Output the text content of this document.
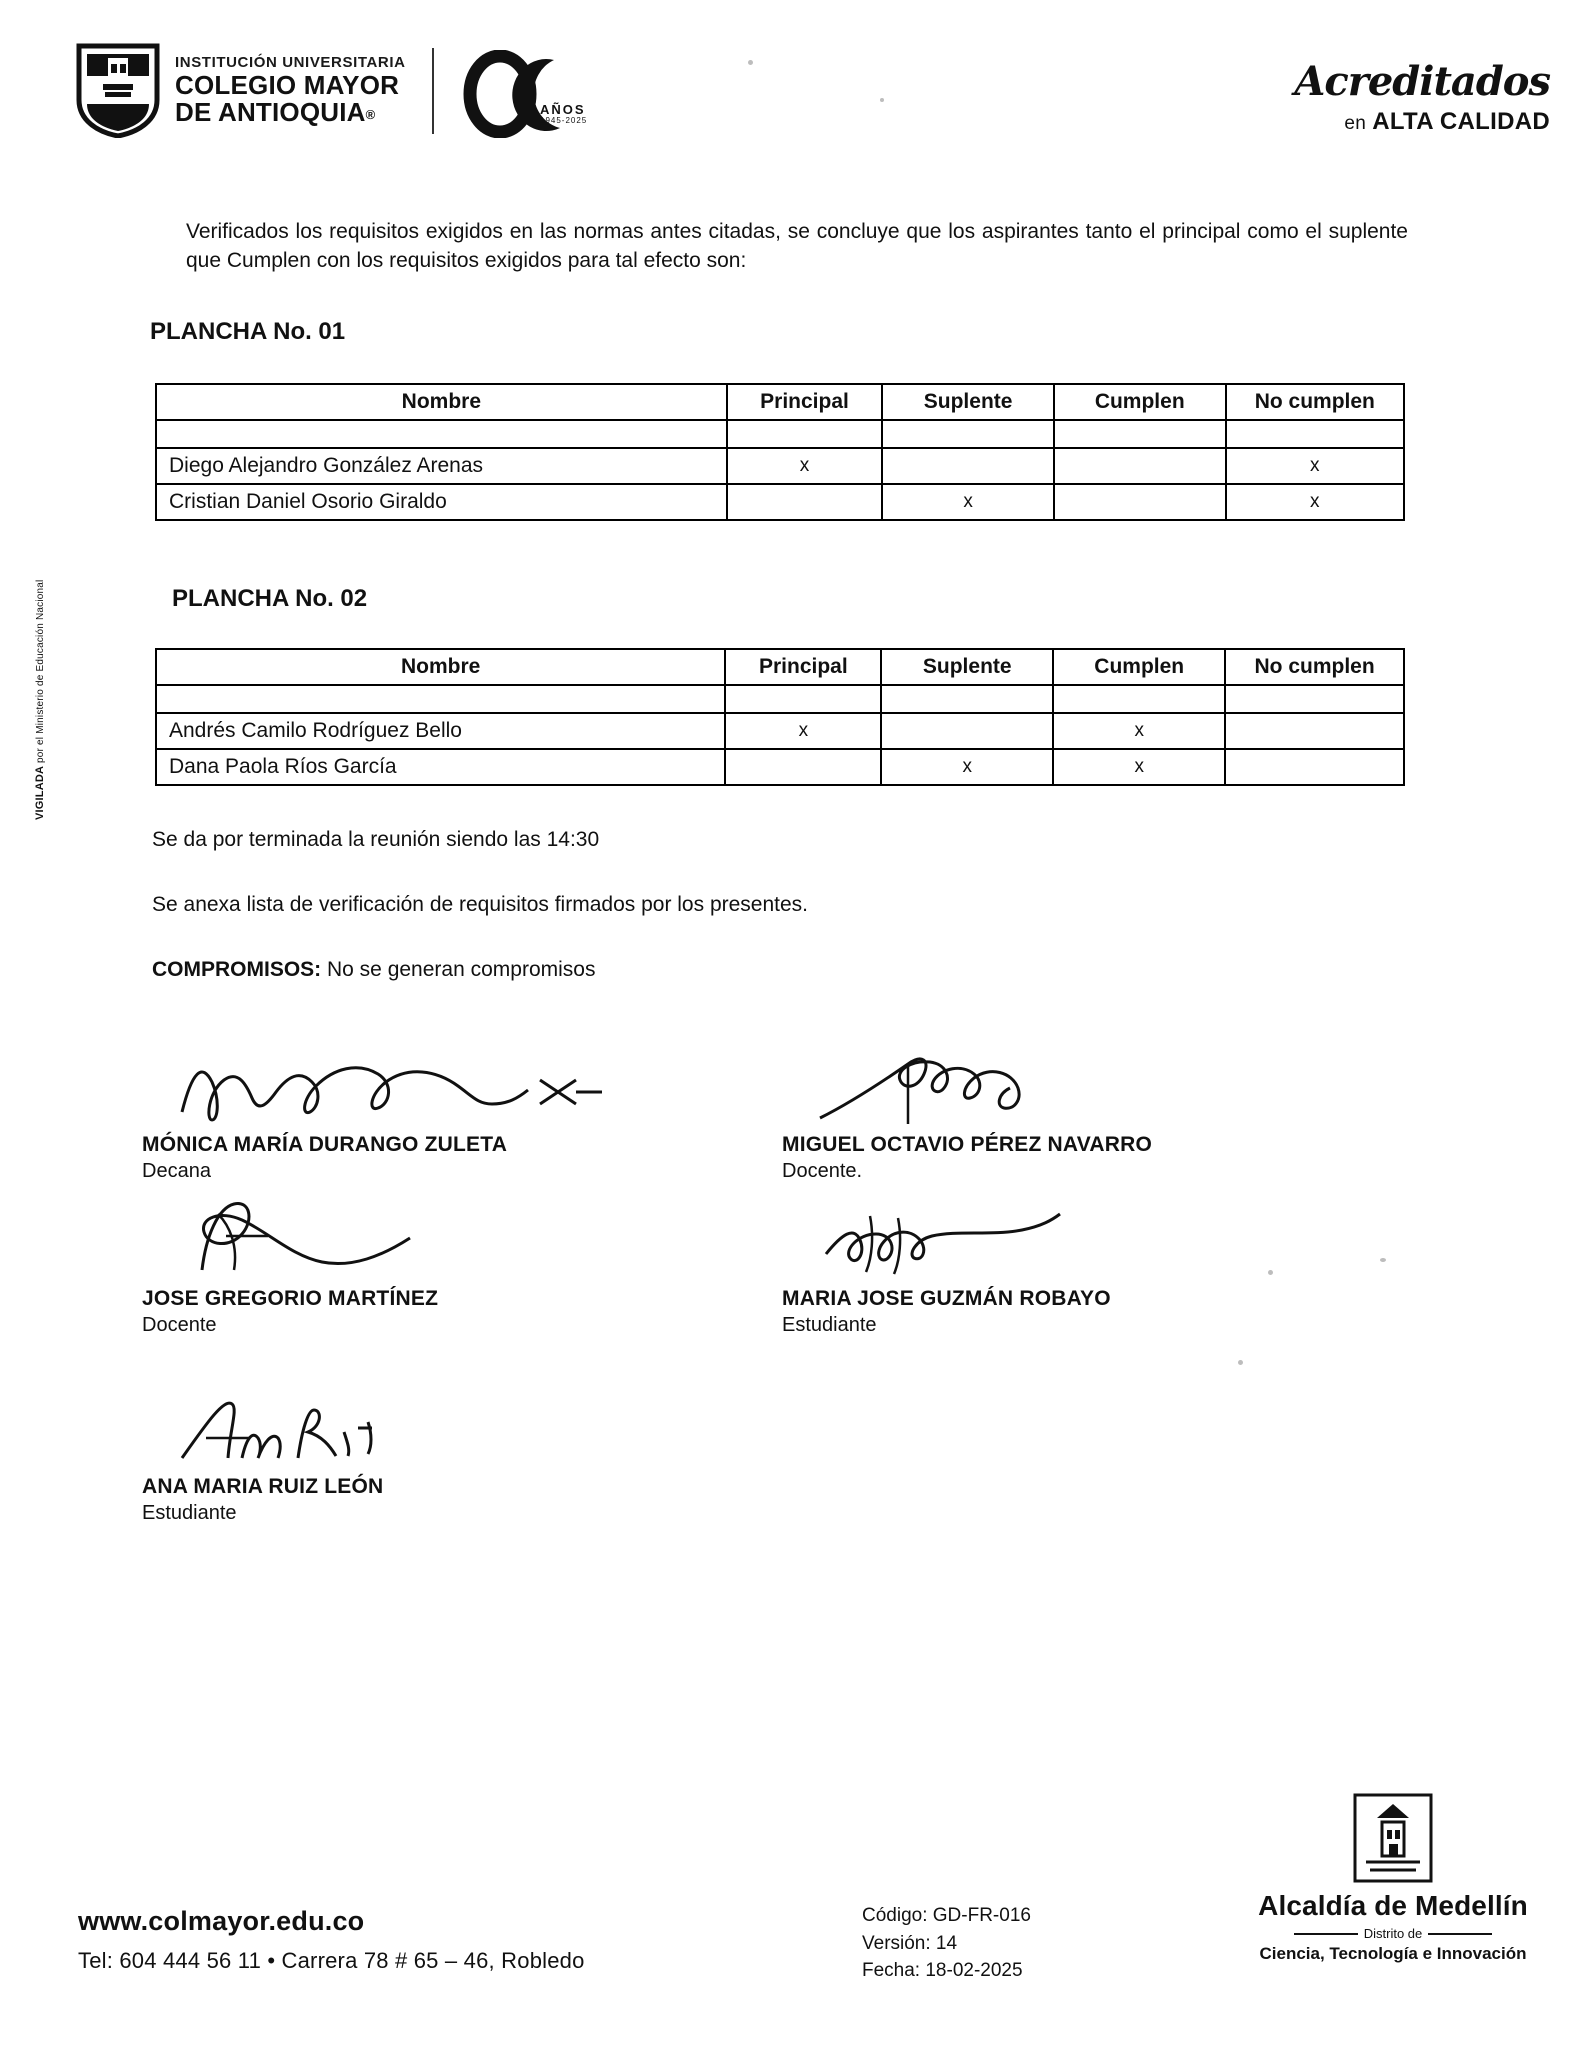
INSTITUCIÓN UNIVERSITARIA
COLEGIO MAYOR
DE ANTIOQUIA®	AÑOS
1945-2025
Acreditados
en ALTA CALIDAD
VIGILADA por el Ministerio de Educación Nacional
Verificados los requisitos exigidos en las normas antes citadas, se concluye que los aspirantes tanto el principal como el suplente que Cumplen con los requisitos exigidos para tal efecto son:
PLANCHA No. 01
Nombre	Principal	Suplente	Cumplen	No cumplen

Diego Alejandro González Arenas	x			x
Cristian Daniel Osorio Giraldo		x		x
PLANCHA No. 02
Nombre	Principal	Suplente	Cumplen	No cumplen

Andrés Camilo Rodríguez Bello	x		x	
Dana Paola Ríos García		x	x	
Se da por terminada la reunión siendo las 14:30
Se anexa lista de verificación de requisitos firmados por los presentes.
COMPROMISOS: No se generan compromisos
MÓNICA MARÍA DURANGO ZULETA
Decana
MIGUEL OCTAVIO PÉREZ NAVARRO
Docente.
JOSE GREGORIO MARTÍNEZ
Docente
MARIA JOSE GUZMÁN ROBAYO
Estudiante
ANA MARIA RUIZ LEÓN
Estudiante
Alcaldía de Medellín
Distrito de
Ciencia, Tecnología e Innovación
www.colmayor.edu.co
Tel: 604 444 56 11 • Carrera 78 # 65 – 46, Robledo
Código: GD-FR-016
Versión: 14
Fecha: 18-02-2025
